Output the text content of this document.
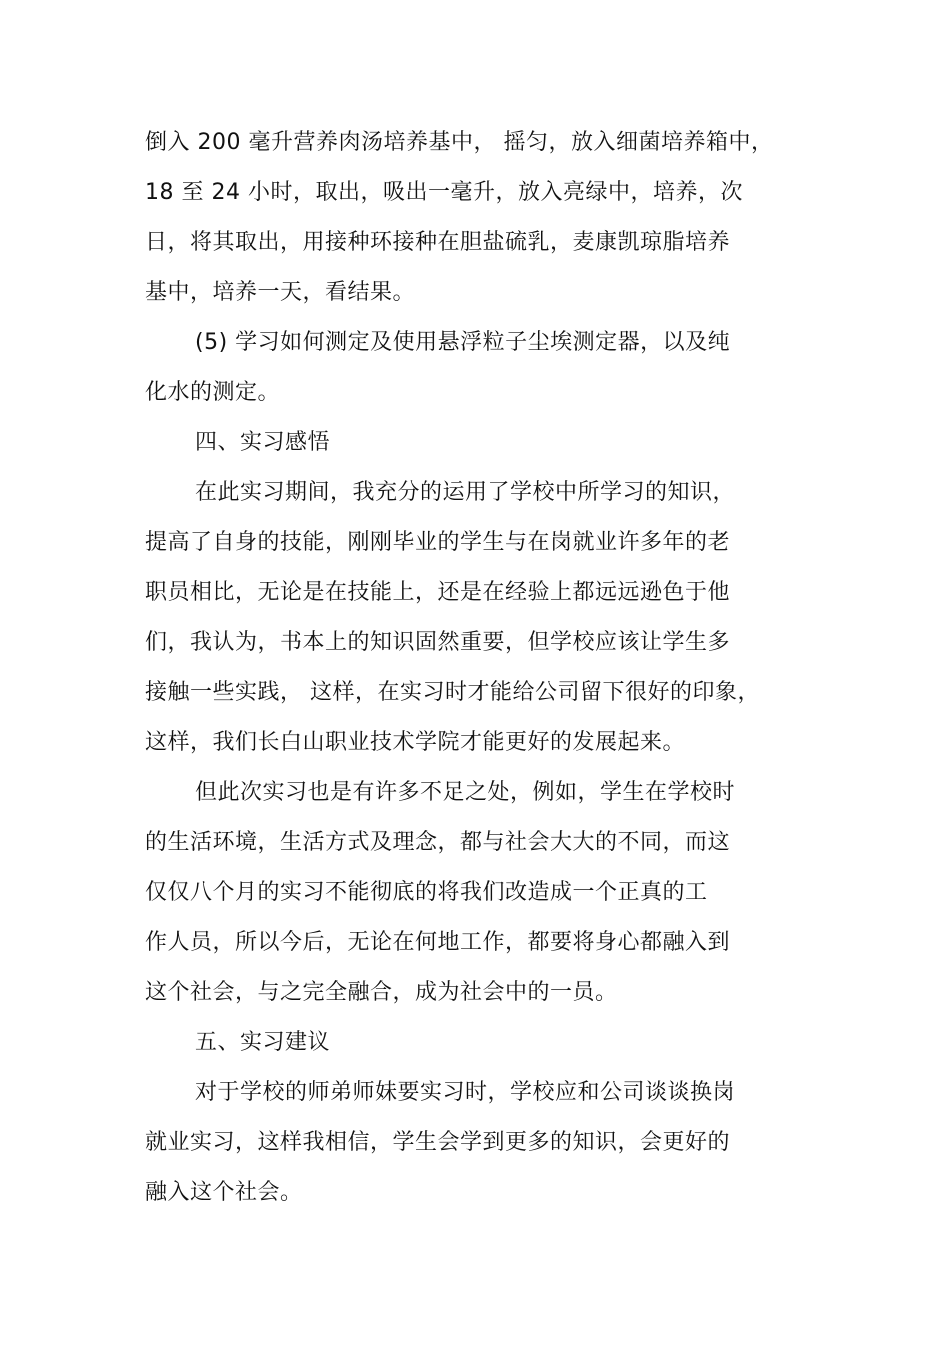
倒入 200 毫升营养肉汤培养基中， 摇匀，放入细菌培养箱中，
18 至 24 小时，取出，吸出一毫升，放入亮绿中，培养，次
日，将其取出，用接种环接种在胆盐硫乳，麦康凯琼脂培养
基中，培养一天，看结果。
(5) 学习如何测定及使用悬浮粒子尘埃测定器，以及纯
化水的测定。
四、实习感悟
在此实习期间，我充分的运用了学校中所学习的知识，
提高了自身的技能，刚刚毕业的学生与在岗就业许多年的老
职员相比，无论是在技能上，还是在经验上都远远逊色于他
们，我认为，书本上的知识固然重要，但学校应该让学生多
接触一些实践， 这样，在实习时才能给公司留下很好的印象，
这样，我们长白山职业技术学院才能更好的发展起来。
但此次实习也是有许多不足之处，例如，学生在学校时
的生活环境，生活方式及理念，都与社会大大的不同，而这
仅仅八个月的实习不能彻底的将我们改造成一个正真的工
作人员，所以今后，无论在何地工作，都要将身心都融入到
这个社会，与之完全融合，成为社会中的一员。
五、实习建议
对于学校的师弟师妹要实习时，学校应和公司谈谈换岗
就业实习，这样我相信，学生会学到更多的知识，会更好的
融入这个社会。
